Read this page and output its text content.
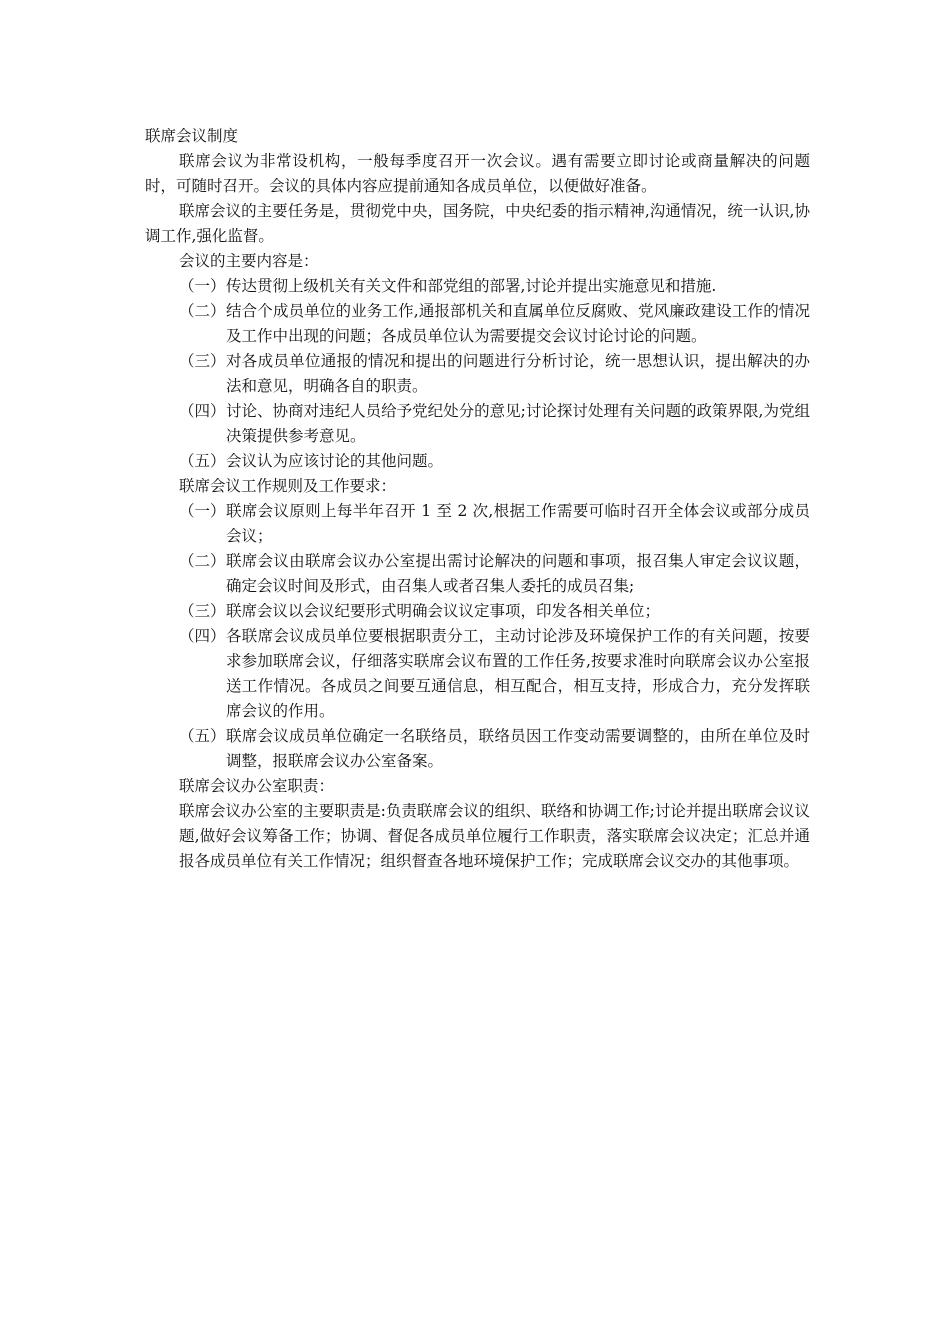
联席会议制度

联席会议为非常设机构，一般每季度召开一次会议。遇有需要立即讨论或商量解决的问题时，可随时召开。会议的具体内容应提前通知各成员单位，以便做好准备。

联席会议的主要任务是，贯彻党中央，国务院，中央纪委的指示精神,沟通情况，统一认识,协调工作,强化监督。

会议的主要内容是：

（一） 传达贯彻上级机关有关文件和部党组的部署,讨论并提出实施意见和措施.
（二） 结合个成员单位的业务工作,通报部机关和直属单位反腐败、党风廉政建设工作的情况及工作中出现的问题；各成员单位认为需要提交会议讨论讨论的问题。
（三） 对各成员单位通报的情况和提出的问题进行分析讨论，统一思想认识，提出解决的办法和意见，明确各自的职责。
（四） 讨论、协商对违纪人员给予党纪处分的意见;讨论探讨处理有关问题的政策界限,为党组决策提供参考意见。
（五） 会议认为应该讨论的其他问题。

联席会议工作规则及工作要求：

（一） 联席会议原则上每半年召开 1 至 2 次,根据工作需要可临时召开全体会议或部分成员会议；
（二） 联席会议由联席会议办公室提出需讨论解决的问题和事项，报召集人审定会议议题，确定会议时间及形式，由召集人或者召集人委托的成员召集;
（三） 联席会议以会议纪要形式明确会议议定事项，印发各相关单位；
（四） 各联席会议成员单位要根据职责分工，主动讨论涉及环境保护工作的有关问题，按要求参加联席会议，仔细落实联席会议布置的工作任务,按要求准时向联席会议办公室报送工作情况。各成员之间要互通信息，相互配合，相互支持，形成合力，充分发挥联席会议的作用。
（五） 联席会议成员单位确定一名联络员，联络员因工作变动需要调整的，由所在单位及时调整，报联席会议办公室备案。

联席会议办公室职责：

联席会议办公室的主要职责是:负责联席会议的组织、联络和协调工作;讨论并提出联席会议议题,做好会议筹备工作；协调、督促各成员单位履行工作职责，落实联席会议决定；汇总并通报各成员单位有关工作情况；组织督查各地环境保护工作；完成联席会议交办的其他事项。
